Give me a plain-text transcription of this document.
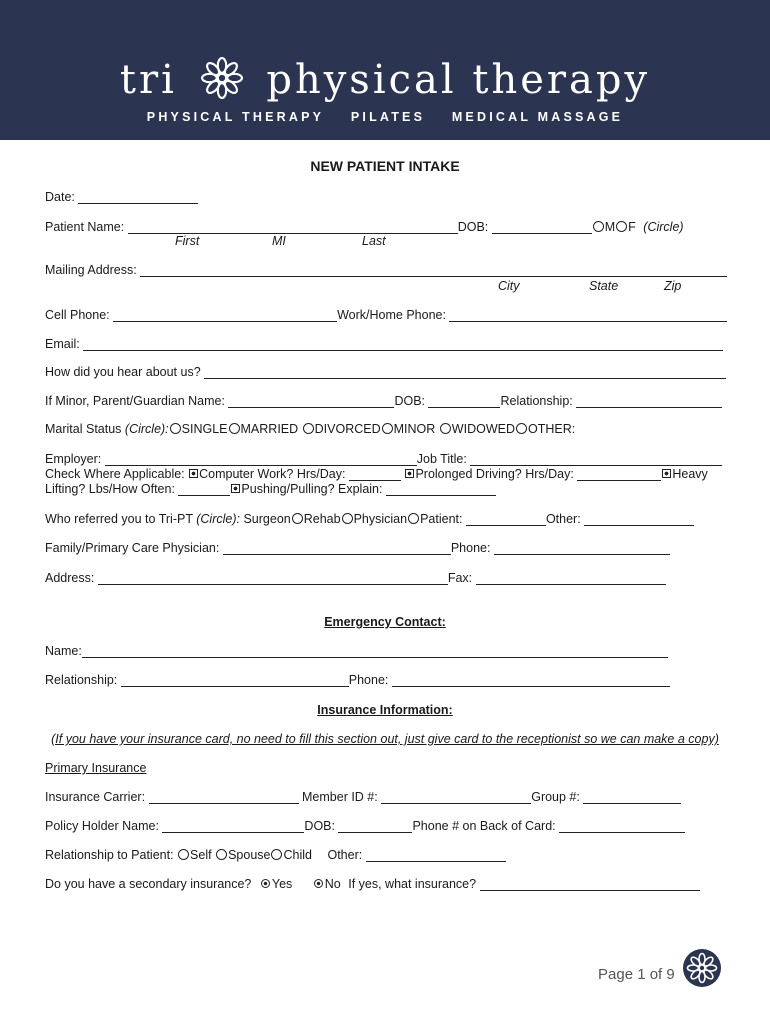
tri physical therapy
PHYSICAL THERAPY PILATES MEDICAL MASSAGE
NEW PATIENT INTAKE
Date:
Patient Name:	DOB:	M F (Circle)
First	MI	Last
Mailing Address:
City	State	Zip
Cell Phone:	Work/Home Phone:
Email:
How did you hear about us?
If Minor, Parent/Guardian Name:	DOB:	Relationship:
Marital Status (Circle): SINGLE MARRIED DIVORCED MINOR WIDOWED OTHER:
Employer:	Job Title:
Check Where Applicable: Computer Work? Hrs/Day:	Prolonged Driving? Hrs/Day:	Heavy
Lifting? Lbs/How Often:	Pushing/Pulling? Explain:
Who referred you to Tri-PT (Circle): Surgeon Rehab Physician Patient:	Other:
Family/Primary Care Physician:	Phone:
Address:	Fax:
Emergency Contact:
Name:
Relationship:	Phone:
Insurance Information:
(If you have your insurance card, no need to fill this section out, just give card to the receptionist so we can make a copy)
Primary Insurance
Insurance Carrier:	Member ID #:	Group #:
Policy Holder Name:	DOB:	Phone # on Back of Card:
Relationship to Patient: Self Spouse Child Other:
Do you have a secondary insurance? Yes	No If yes, what insurance?
Page 1 of 9
